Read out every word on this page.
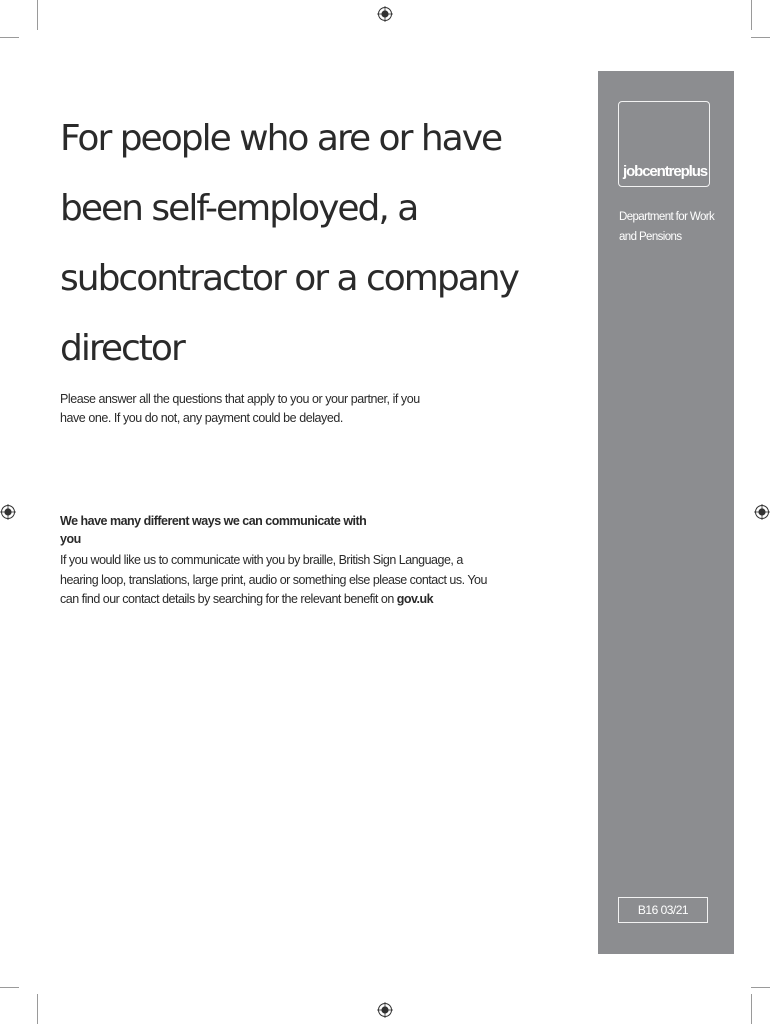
For people who are or have been self-employed, a subcontractor or a company director

Please answer all the questions that apply to you or your partner, if you have one. If you do not, any payment could be delayed.

We have many different ways we can communicate with you

If you would like us to communicate with you by braille, British Sign Language, a hearing loop, translations, large print, audio or something else please contact us. You can find our contact details by searching for the relevant benefit on gov.uk

jobcentreplus

Department for Work and Pensions

B16 03/21
